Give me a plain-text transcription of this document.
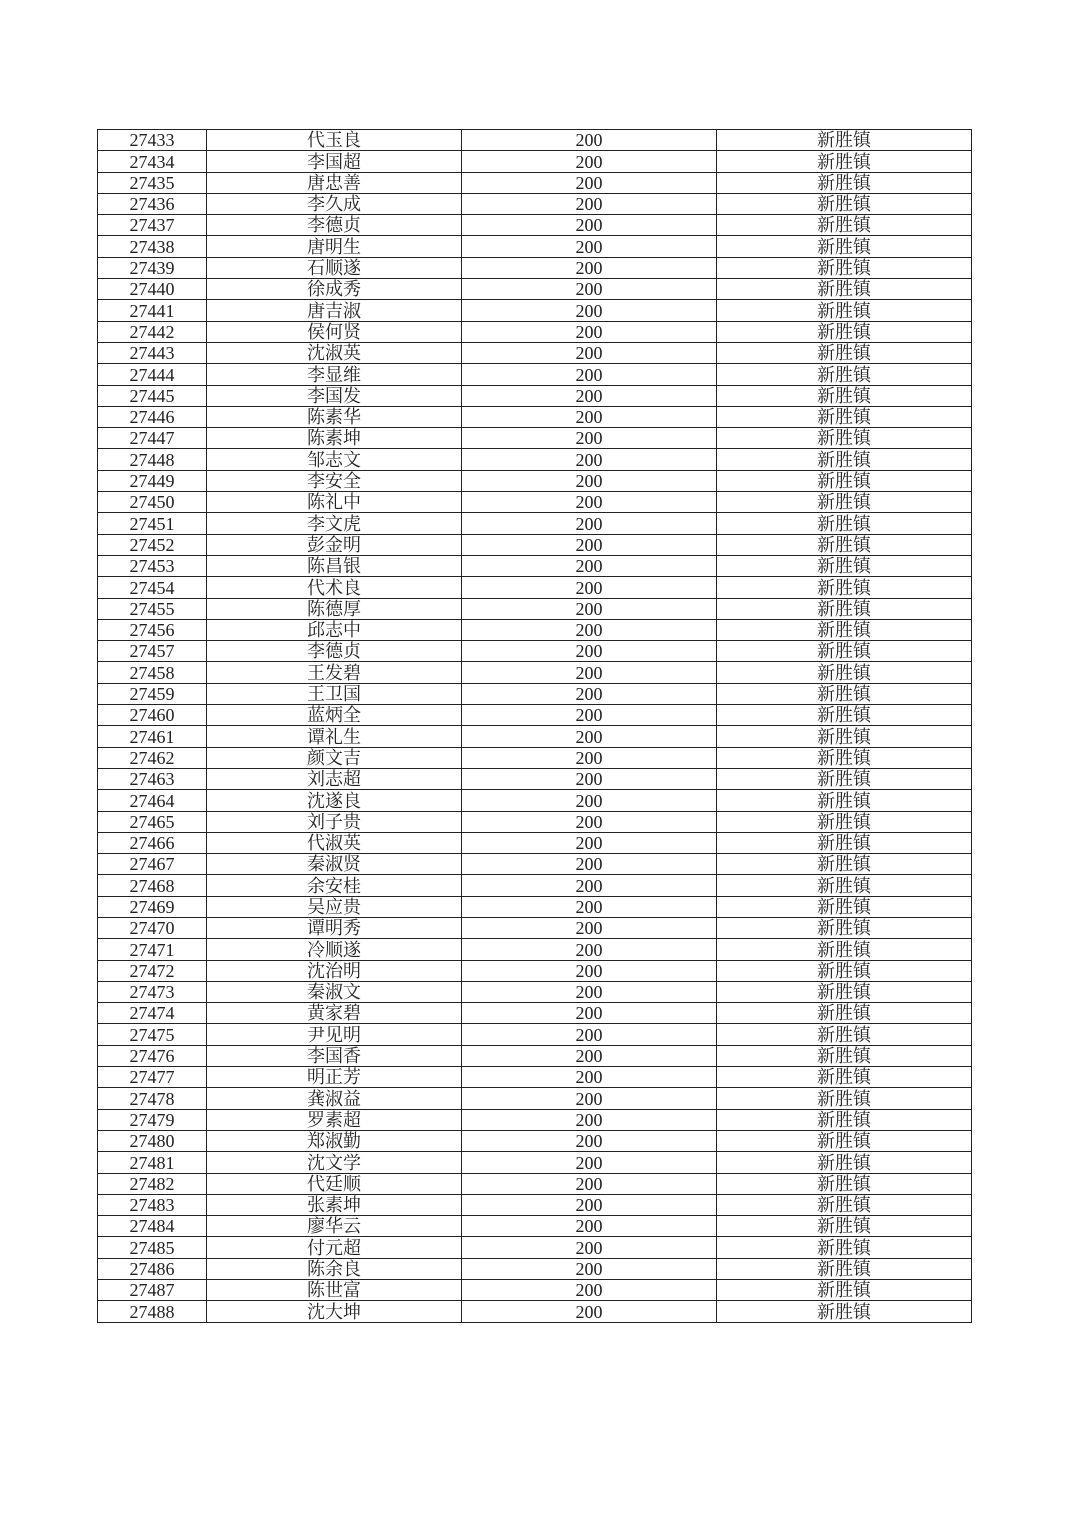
27433	代玉良	200	新胜镇
27434	李国超	200	新胜镇
27435	唐忠善	200	新胜镇
27436	李久成	200	新胜镇
27437	李德贞	200	新胜镇
27438	唐明生	200	新胜镇
27439	石顺遂	200	新胜镇
27440	徐成秀	200	新胜镇
27441	唐吉淑	200	新胜镇
27442	侯何贤	200	新胜镇
27443	沈淑英	200	新胜镇
27444	李显维	200	新胜镇
27445	李国发	200	新胜镇
27446	陈素华	200	新胜镇
27447	陈素坤	200	新胜镇
27448	邹志文	200	新胜镇
27449	李安全	200	新胜镇
27450	陈礼中	200	新胜镇
27451	李文虎	200	新胜镇
27452	彭金明	200	新胜镇
27453	陈昌银	200	新胜镇
27454	代术良	200	新胜镇
27455	陈德厚	200	新胜镇
27456	邱志中	200	新胜镇
27457	李德贞	200	新胜镇
27458	王发碧	200	新胜镇
27459	王卫国	200	新胜镇
27460	蓝炳全	200	新胜镇
27461	谭礼生	200	新胜镇
27462	颜文吉	200	新胜镇
27463	刘志超	200	新胜镇
27464	沈遂良	200	新胜镇
27465	刘子贵	200	新胜镇
27466	代淑英	200	新胜镇
27467	秦淑贤	200	新胜镇
27468	余安桂	200	新胜镇
27469	吴应贵	200	新胜镇
27470	谭明秀	200	新胜镇
27471	冷顺遂	200	新胜镇
27472	沈治明	200	新胜镇
27473	秦淑文	200	新胜镇
27474	黄家碧	200	新胜镇
27475	尹见明	200	新胜镇
27476	李国香	200	新胜镇
27477	明正芳	200	新胜镇
27478	龚淑益	200	新胜镇
27479	罗素超	200	新胜镇
27480	郑淑勤	200	新胜镇
27481	沈文学	200	新胜镇
27482	代廷顺	200	新胜镇
27483	张素坤	200	新胜镇
27484	廖华云	200	新胜镇
27485	付元超	200	新胜镇
27486	陈余良	200	新胜镇
27487	陈世富	200	新胜镇
27488	沈大坤	200	新胜镇
